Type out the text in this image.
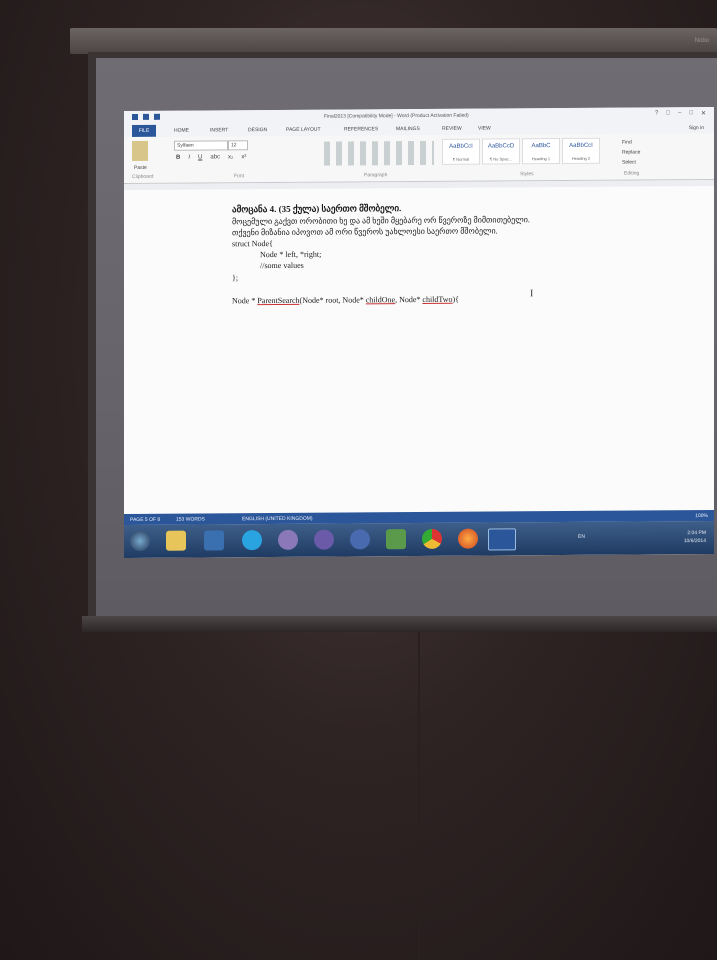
Nobo
Final2013 [Compatibility Mode] - Word (Product Activation Failed)	? □ – □ ✕
FILE	HOME	INSERT	DESIGN	PAGE LAYOUT	REFERENCES	MAILINGS	REVIEW	VIEW	Sign in
Paste
Sylfaen	12
B I U abc x₂ x²
AaBbCcI
¶ Normal
AaBbCcD
¶ No Spac...
AaBbC
Heading 1
AaBbCcI
Heading 2
Find
Replace
Select
Clipboard	Font	Paragraph	Styles	Editing
ამოცანა 4. (35 ქულა) საერთო მშობელი.
მოცემული გაქვთ ორობითი ხე და ამ ხეში მყებარე ორ წვეროზე მიმთითებელი.
თქვენი მიზანია იპოვოთ ამ ორი წვეროს უახლოესი საერთო მშობელი.
struct Node{
Node * left, *right;
//some values
};
Node * ParentSearch(Node* root, Node* childOne, Node* childTwo){
I
PAGE 5 OF 8	153 WORDS	ENGLISH (UNITED KINGDOM)	100%
EN
2:04 PM
10/6/2014
